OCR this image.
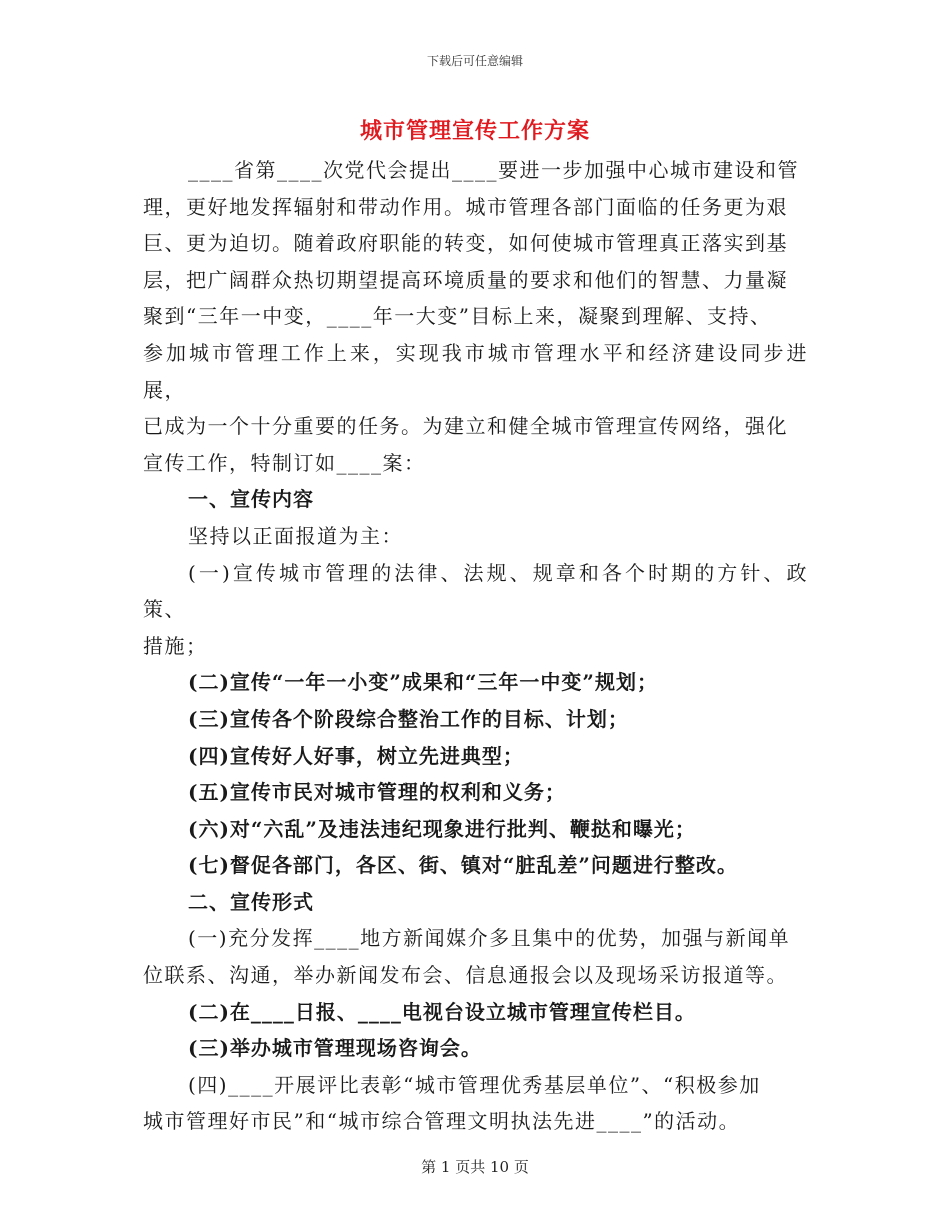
下载后可任意编辑
城市管理宣传工作方案

____省第____次党代会提出____要进一步加强中心城市建设和管

理，更好地发挥辐射和带动作用。城市管理各部门面临的任务更为艰

巨、更为迫切。随着政府职能的转变，如何使城市管理真正落实到基

层，把广阔群众热切期望提高环境质量的要求和他们的智慧、力量凝

聚到“三年一中变，____年一大变”目标上来，凝聚到理解、支持、

参加城市管理工作上来，实现我市城市管理水平和经济建设同步进展，

已成为一个十分重要的任务。为建立和健全城市管理宣传网络，强化

宣传工作，特制订如____案：

一、宣传内容

坚持以正面报道为主：

(一)宣传城市管理的法律、法规、规章和各个时期的方针、政策、

措施；

(二)宣传“一年一小变”成果和“三年一中变”规划；

(三)宣传各个阶段综合整治工作的目标、计划；

(四)宣传好人好事，树立先进典型；

(五)宣传市民对城市管理的权利和义务；

(六)对“六乱”及违法违纪现象进行批判、鞭挞和曝光；

(七)督促各部门，各区、街、镇对“脏乱差”问题进行整改。

二、宣传形式

(一)充分发挥____地方新闻媒介多且集中的优势，加强与新闻单

位联系、沟通，举办新闻发布会、信息通报会以及现场采访报道等。

(二)在____日报、____电视台设立城市管理宣传栏目。

(三)举办城市管理现场咨询会。

(四)____开展评比表彰“城市管理优秀基层单位”、“积极参加

城市管理好市民”和“城市综合管理文明执法先进____”的活动。

第 1 页共 10 页
